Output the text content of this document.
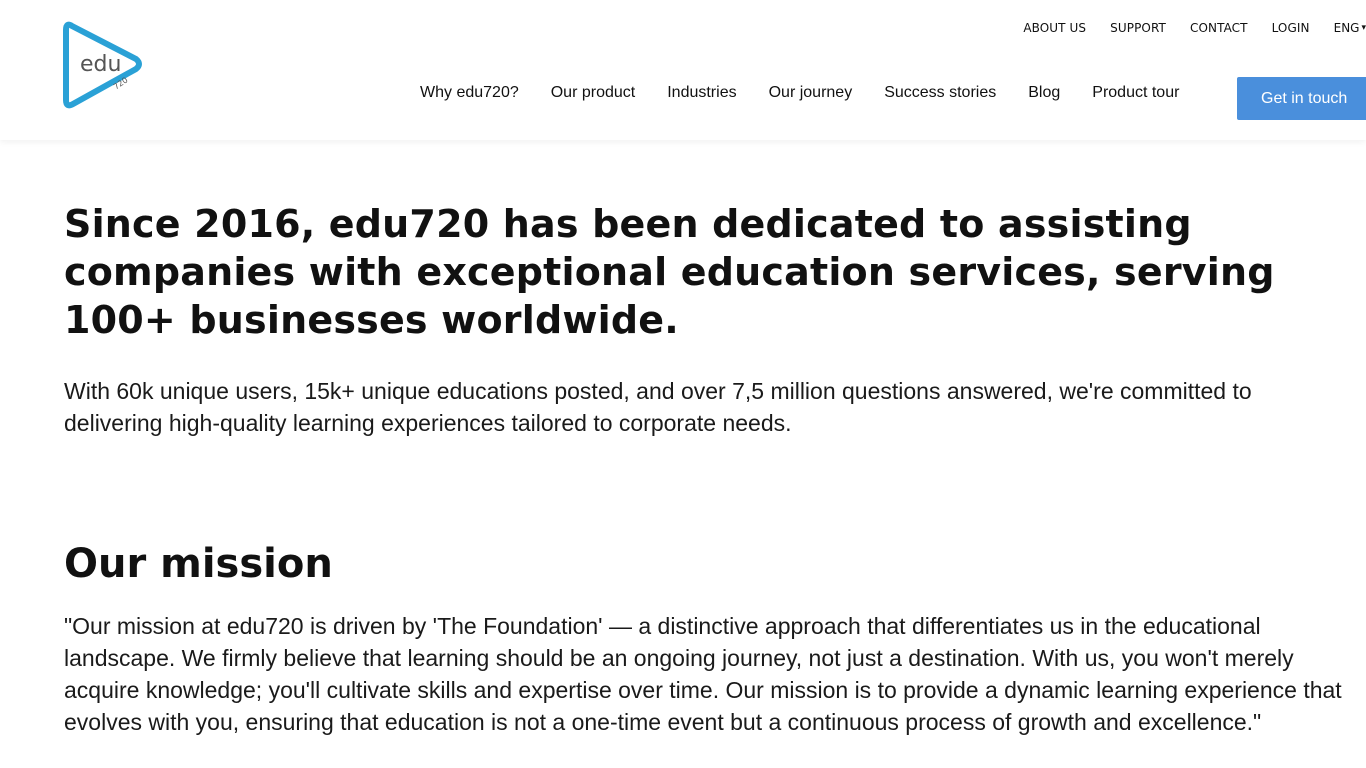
edu
720
ABOUT US SUPPORT CONTACT LOGIN ENG ▾
Why edu720? Our product Industries Our journey Success stories Blog Product tour	Get in touch
Since 2016, edu720 has been dedicated to assisting companies with exceptional education services, serving 100+ businesses worldwide.

With 60k unique users, 15k+ unique educations posted, and over 7,5 million questions answered, we're committed to delivering high-quality learning experiences tailored to corporate needs.

Our mission

"Our mission at edu720 is driven by 'The Foundation' — a distinctive approach that differentiates us in the educational landscape. We firmly believe that learning should be an ongoing journey, not just a destination. With us, you won't merely acquire knowledge; you'll cultivate skills and expertise over time. Our mission is to provide a dynamic learning experience that evolves with you, ensuring that education is not a one-time event but a continuous process of growth and excellence."
